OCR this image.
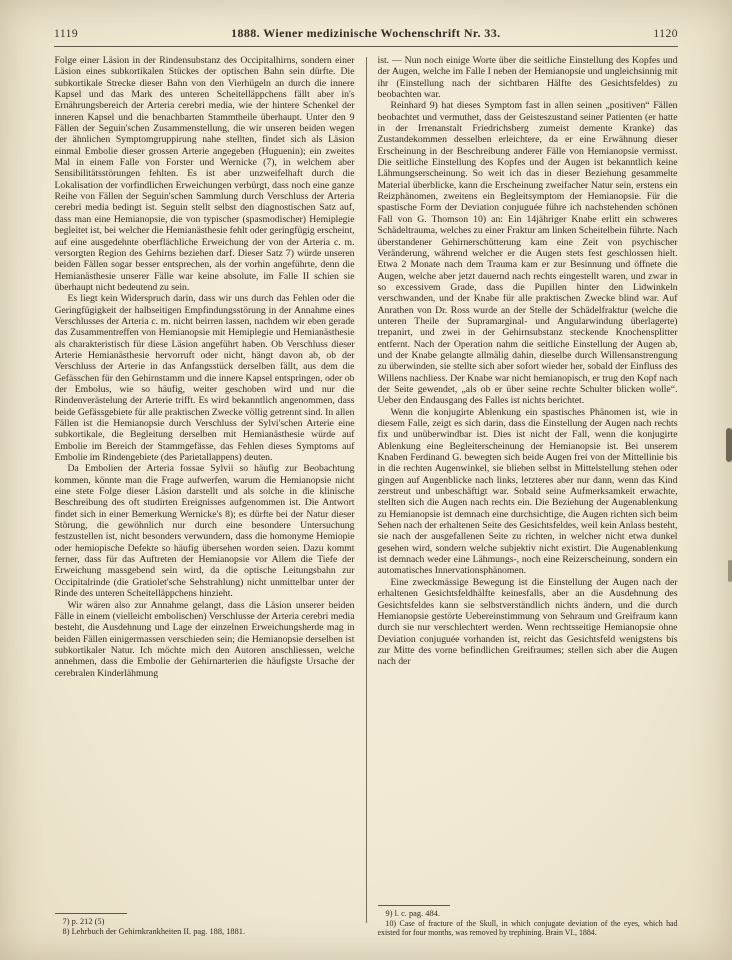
1119	1888. Wiener medizinische Wochenschrift Nr. 33.	1120

Folge einer Läsion in der Rindensubstanz des Occipitalhirns, sondern einer Läsion eines subkortikalen Stückes der optischen Bahn sein dürfte. Die subkortikale Strecke dieser Bahn von den Vierhügeln an durch die innere Kapsel und das Mark des unteren Scheitelläppchens fällt aber in's Ernährungsbereich der Arteria cerebri media, wie der hintere Schenkel der inneren Kapsel und die benachbarten Stammtheile überhaupt. Unter den 9 Fällen der Seguin'schen Zusammenstellung, die wir unseren beiden wegen der ähnlichen Symptomgruppirung nahe stellten, findet sich als Läsion einmal Embolie dieser grossen Arterie angegeben (Huguenin); ein zweites Mal in einem Falle von Forster und Wernicke (7), in welchem aber Sensibilitätsstörungen fehlten. Es ist aber unzweifelhaft durch die Lokalisation der vorfindlichen Erweichungen verbürgt, dass noch eine ganze Reihe von Fällen der Seguin'schen Sammlung durch Verschluss der Arteria cerebri media bedingt ist. Seguin stellt selbst den diagnostischen Satz auf, dass man eine Hemianopsie, die von typischer (spasmodischer) Hemiplegie begleitet ist, bei welcher die Hemianästhesie fehlt oder geringfügig erscheint, auf eine ausgedehnte oberflächliche Erweichung der von der Arteria c. m. versorgten Region des Gehirns beziehen darf. Dieser Satz 7) würde unseren beiden Fällen sogar besser entsprechen, als der vorhin angeführte, denn die Hemianästhesie unserer Fälle war keine absolute, im Falle II schien sie überhaupt nicht bedeutend zu sein.

Es liegt kein Widerspruch darin, dass wir uns durch das Fehlen oder die Geringfügigkeit der halbseitigen Empfindungsstörung in der Annahme eines Verschlusses der Arteria c. m. nicht beirren lassen, nachdem wir eben gerade das Zusammentreffen von Hemianopsie mit Hemiplegie und Hemianästhesie als charakteristisch für diese Läsion angeführt haben. Ob Verschluss dieser Arterie Hemianästhesie hervorruft oder nicht, hängt davon ab, ob der Verschluss der Arterie in das Anfangsstück derselben fällt, aus dem die Gefässchen für den Gehirnstamm und die innere Kapsel entspringen, oder ob der Embolus, wie so häufig, weiter geschoben wird und nur die Rindenverästelung der Arterie trifft. Es wird bekanntlich angenommen, dass beide Gefässgebiete für alle praktischen Zwecke völlig getrennt sind. In allen Fällen ist die Hemianopsie durch Verschluss der Sylvi'schen Arterie eine subkortikale, die Begleitung derselben mit Hemianästhesie würde auf Embolie im Bereich der Stammgefässe, das Fehlen dieses Symptoms auf Embolie im Rindengebiete (des Parietallappens) deuten.

Da Embolien der Arteria fossae Sylvii so häufig zur Beobachtung kommen, könnte man die Frage aufwerfen, warum die Hemianopsie nicht eine stete Folge dieser Läsion darstellt und als solche in die klinische Beschreibung des oft studirten Ereignisses aufgenommen ist. Die Antwort findet sich in einer Bemerkung Wernicke's 8); es dürfte bei der Natur dieser Störung, die gewöhnlich nur durch eine besondere Untersuchung festzustellen ist, nicht besonders verwundern, dass die homonyme Hemiopie oder hemiopische Defekte so häufig übersehen worden seien. Dazu kommt ferner, dass für das Auftreten der Hemianopsie vor Allem die Tiefe der Erweichung massgebend sein wird, da die optische Leitungsbahn zur Occipitalrinde (die Gratiolet'sche Sehstrahlung) nicht unmittelbar unter der Rinde des unteren Scheitelläppchens hinzieht.

Wir wären also zur Annahme gelangt, dass die Läsion unserer beiden Fälle in einem (vielleicht embolischen) Verschlusse der Arteria cerebri media besteht, die Ausdehnung und Lage der einzelnen Erweichungsherde mag in beiden Fällen einigermassen verschieden sein; die Hemianopsie derselben ist subkortikaler Natur. Ich möchte mich den Autoren anschliessen, welche annehmen, dass die Embolie der Gehirnarterien die häufigste Ursache der cerebralen Kinderlähmung

7) p. 212 (5)

8) Lehrbuch der Gehirnkrankheiten II. pag. 188, 1881.

ist. — Nun noch einige Worte über die seitliche Einstellung des Kopfes und der Augen, welche im Falle I neben der Hemianopsie und ungleichsinnig mit ihr (Einstellung nach der sichtbaren Hälfte des Gesichtsfeldes) zu beobachten war.

Reinhard 9) hat dieses Symptom fast in allen seinen „positiven“ Fällen beobachtet und vermuthet, dass der Geisteszustand seiner Patienten (er hatte in der Irrenanstalt Friedrichsberg zumeist demente Kranke) das Zustandekommen desselben erleichtere, da er eine Erwähnung dieser Erscheinung in der Beschreibung anderer Fälle von Hemianopsie vermisst. Die seitliche Einstellung des Kopfes und der Augen ist bekanntlich keine Lähmungserscheinung. So weit ich das in dieser Beziehung gesammelte Material überblicke, kann die Erscheinung zweifacher Natur sein, erstens ein Reizphänomen, zweitens ein Begleitsymptom der Hemianopsie. Für die spastische Form der Deviation conjuguée führe ich nachstehenden schönen Fall von G. Thomson 10) an: Ein 14jähriger Knabe erlitt ein schweres Schädeltrauma, welches zu einer Fraktur am linken Scheitelbein führte. Nach überstandener Gehirnerschütterung kam eine Zeit von psychischer Veränderung, während welcher er die Augen stets fest geschlossen hielt. Etwa 2 Monate nach dem Trauma kam er zur Besinnung und öffnete die Augen, welche aber jetzt dauernd nach rechts eingestellt waren, und zwar in so excessivem Grade, dass die Pupillen hinter den Lidwinkeln verschwanden, und der Knabe für alle praktischen Zwecke blind war. Auf Anrathen von Dr. Ross wurde an der Stelle der Schädelfraktur (welche die unteren Theile der Supramarginal- und Angularwindung überlagerte) trepanirt, und zwei in der Gehirnsubstanz steckende Knochensplitter entfernt. Nach der Operation nahm die seitliche Einstellung der Augen ab, und der Knabe gelangte allmälig dahin, dieselbe durch Willensanstrengung zu überwinden, sie stellte sich aber sofort wieder her, sobald der Einfluss des Willens nachliess. Der Knabe war nicht hemianopisch, er trug den Kopf nach der Seite gewendet, „als ob er über seine rechte Schulter blicken wolle“. Ueber den Endausgang des Falles ist nichts berichtet.

Wenn die konjugirte Ablenkung ein spastisches Phänomen ist, wie in diesem Falle, zeigt es sich darin, dass die Einstellung der Augen nach rechts fix und unüberwindbar ist. Dies ist nicht der Fall, wenn die konjugirte Ablenkung eine Begleiterscheinung der Hemianopsie ist. Bei unserem Knaben Ferdinand G. bewegten sich beide Augen frei von der Mittellinie bis in die rechten Augenwinkel, sie blieben selbst in Mittelstellung stehen oder gingen auf Augenblicke nach links, letzteres aber nur dann, wenn das Kind zerstreut und unbeschäftigt war. Sobald seine Aufmerksamkeit erwachte, stellten sich die Augen nach rechts ein. Die Beziehung der Augenablenkung zu Hemianopsie ist demnach eine durchsichtige, die Augen richten sich beim Sehen nach der erhaltenen Seite des Gesichtsfeldes, weil kein Anlass besteht, sie nach der ausgefallenen Seite zu richten, in welcher nicht etwa dunkel gesehen wird, sondern welche subjektiv nicht existirt. Die Augenablenkung ist demnach weder eine Lähmungs-, noch eine Reizerscheinung, sondern ein automatisches Innervationsphänomen.

Eine zweckmässige Bewegung ist die Einstellung der Augen nach der erhaltenen Gesichtsfeldhälfte keinesfalls, aber an die Ausdehnung des Gesichtsfeldes kann sie selbstverständlich nichts ändern, und die durch Hemianopsie gestörte Uebereinstimmung von Sehraum und Greifraum kann durch sie nur verschlechtert werden. Wenn rechtsseitige Hemianopsie ohne Deviation conjuguée vorhanden ist, reicht das Gesichtsfeld wenigstens bis zur Mitte des vorne befindlichen Greifraumes; stellen sich aber die Augen nach der

9) l. c. pag. 484.

10) Case of fracture of the Skull, in which conjugate deviation of the eyes, which had existed for four months, was removed by trephining. Brain VI., 1884.
